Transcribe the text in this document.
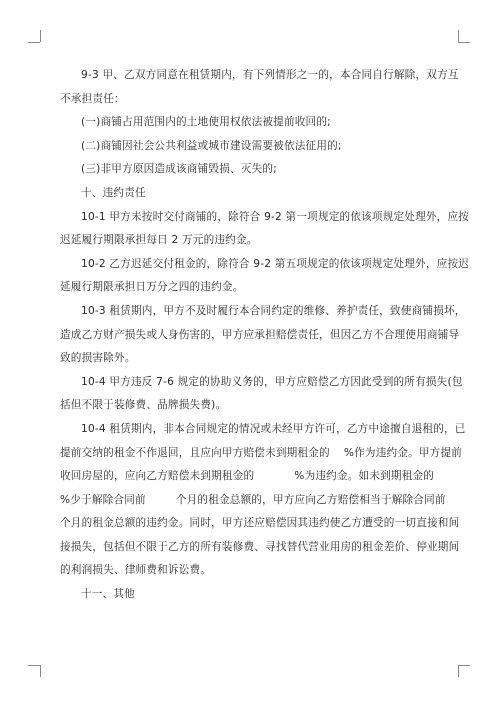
9-3 甲、乙双方同意在租赁期内，有下列情形之一的，本合同自行解除，双方互
不承担责任：
(一)商铺占用范围内的土地使用权依法被提前收回的;
(二)商铺因社会公共利益或城市建设需要被依法征用的;
(三)非甲方原因造成该商铺毁损、灭失的;
十、违约责任
10-1 甲方未按时交付商铺的，除符合 9-2 第一项规定的依该项规定处理外，应按
迟延履行期限承担每日 2 万元的违约金。
10-2 乙方迟延交付租金的，除符合 9-2 第五项规定的依该项规定处理外，应按迟
延履行期限承担日万分之四的违约金。
10-3 租赁期内，甲方不及时履行本合同约定的维修、养护责任，致使商铺损坏，
造成乙方财产损失或人身伤害的，甲方应承担赔偿责任，但因乙方不合理使用商铺导
致的损害除外。
10-4 甲方违反 7-6 规定的协助义务的，甲方应赔偿乙方因此受到的所有损失(包
括但不限于装修费、品牌损失费)。
10-4 租赁期内，非本合同规定的情况或未经甲方许可，乙方中途擅自退租的，已
提前交纳的租金不作退回，且应向甲方赔偿未到期租金的 %作为违约金。甲方提前
收回房屋的，应向乙方赔偿未到期租金的	%为违约金。如未到期租金的
%少于解除合同前	个月的租金总额的，甲方应向乙方赔偿相当于解除合同前
个月的租金总额的违约金。同时，甲方还应赔偿因其违约使乙方遭受的一切直接和间
接损失，包括但不限于乙方的所有装修费、寻找替代营业用房的租金差价、停业期间
的利润损失、律师费和诉讼费。
十一、其他
